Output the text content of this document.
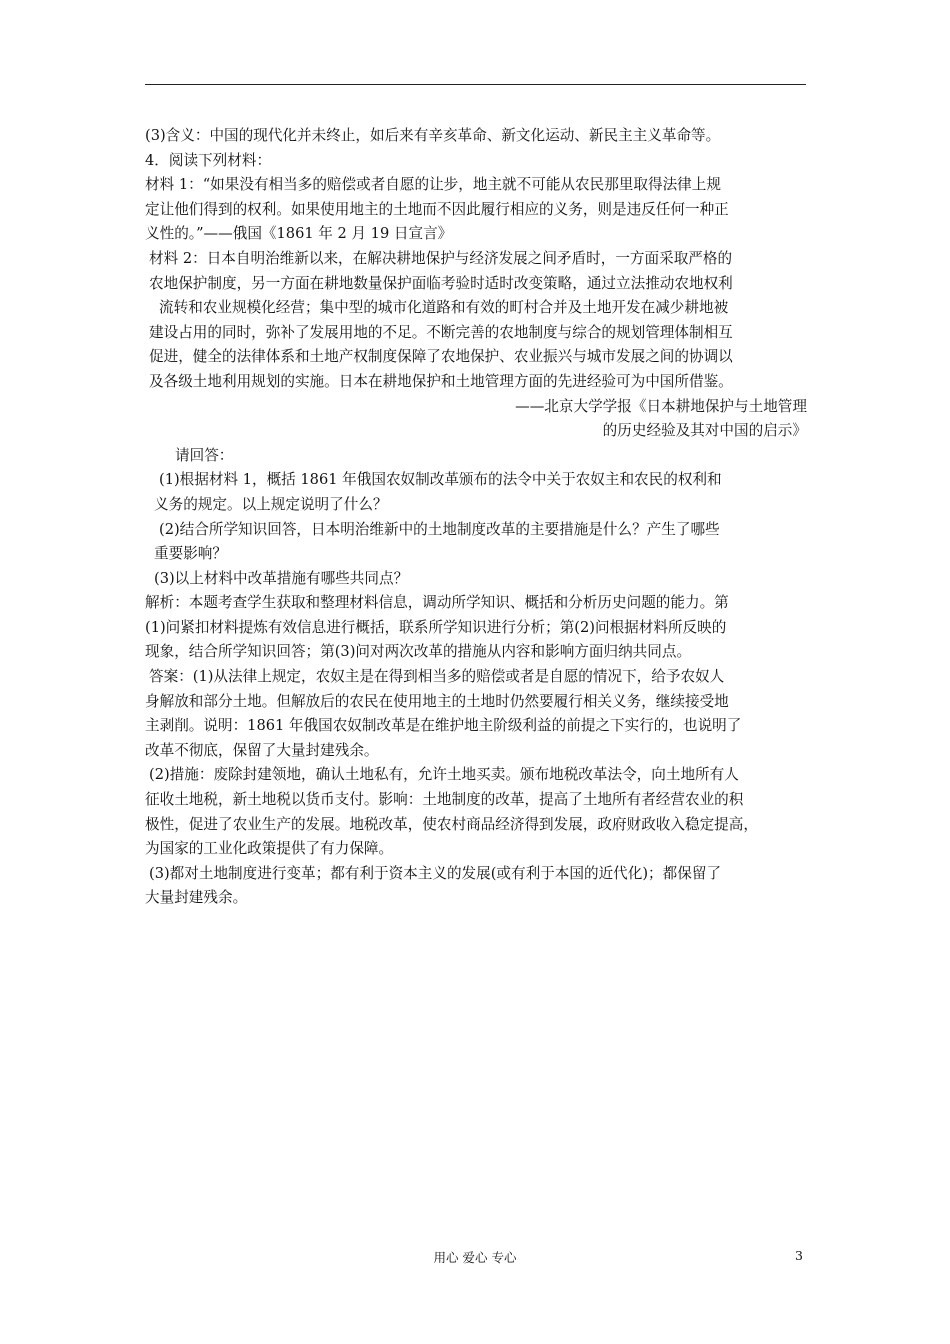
(3)含义：中国的现代化并未终止，如后来有辛亥革命、新文化运动、新民主主义革命等。
4．阅读下列材料：
材料 1：“如果没有相当多的赔偿或者自愿的让步，地主就不可能从农民那里取得法律上规
定让他们得到的权利。如果使用地主的土地而不因此履行相应的义务，则是违反任何一种正
义性的。”——俄国《1861 年 2 月 19 日宣言》
材料 2：日本自明治维新以来，在解决耕地保护与经济发展之间矛盾时，一方面采取严格的
农地保护制度，另一方面在耕地数量保护面临考验时适时改变策略，通过立法推动农地权利
流转和农业规模化经营；集中型的城市化道路和有效的町村合并及土地开发在减少耕地被
建设占用的同时，弥补了发展用地的不足。不断完善的农地制度与综合的规划管理体制相互
促进，健全的法律体系和土地产权制度保障了农地保护、农业振兴与城市发展之间的协调以
及各级土地利用规划的实施。日本在耕地保护和土地管理方面的先进经验可为中国所借鉴。
——北京大学学报《日本耕地保护与土地管理
的历史经验及其对中国的启示》
请回答：
(1)根据材料 1，概括 1861 年俄国农奴制改革颁布的法令中关于农奴主和农民的权利和
义务的规定。以上规定说明了什么？
(2)结合所学知识回答，日本明治维新中的土地制度改革的主要措施是什么？产生了哪些
重要影响？
(3)以上材料中改革措施有哪些共同点？
解析：本题考查学生获取和整理材料信息，调动所学知识、概括和分析历史问题的能力。第
(1)问紧扣材料提炼有效信息进行概括，联系所学知识进行分析；第(2)问根据材料所反映的
现象，结合所学知识回答；第(3)问对两次改革的措施从内容和影响方面归纳共同点。
答案：(1)从法律上规定，农奴主是在得到相当多的赔偿或者是自愿的情况下，给予农奴人
身解放和部分土地。但解放后的农民在使用地主的土地时仍然要履行相关义务，继续接受地
主剥削。说明：1861 年俄国农奴制改革是在维护地主阶级利益的前提之下实行的，也说明了
改革不彻底，保留了大量封建残余。
(2)措施：废除封建领地，确认土地私有，允许土地买卖。颁布地税改革法令，向土地所有人
征收土地税，新土地税以货币支付。影响：土地制度的改革，提高了土地所有者经营农业的积
极性，促进了农业生产的发展。地税改革，使农村商品经济得到发展，政府财政收入稳定提高，
为国家的工业化政策提供了有力保障。
(3)都对土地制度进行变革；都有利于资本主义的发展(或有利于本国的近代化)；都保留了
大量封建残余。
用心 爱心 专心	3
